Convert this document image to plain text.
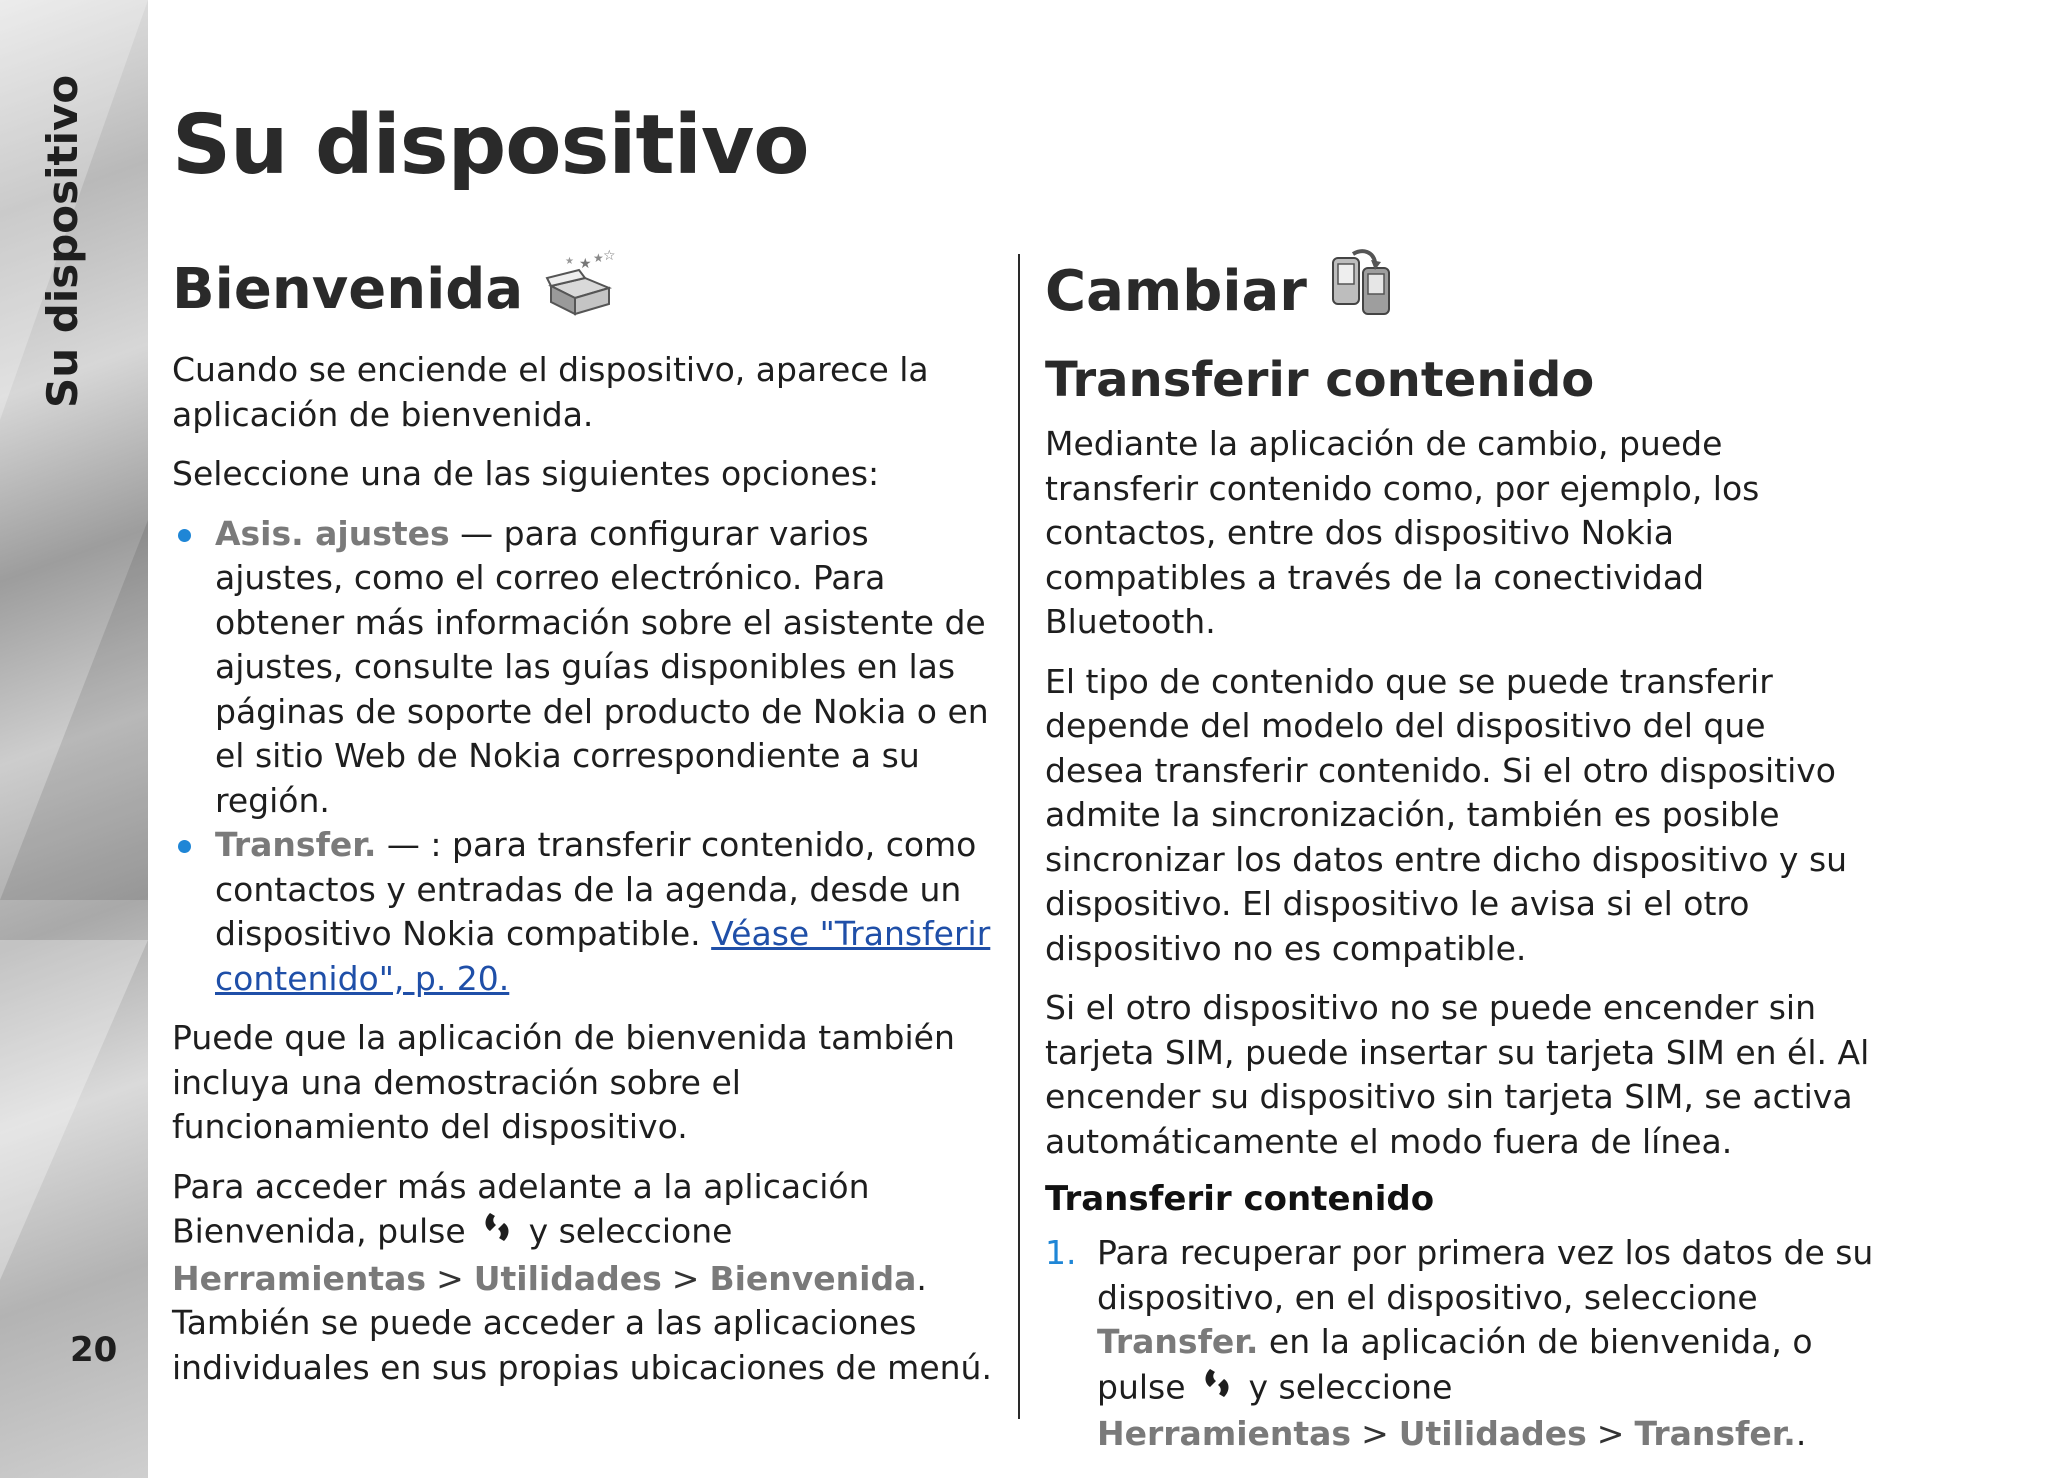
Su dispositivo
20
Su dispositivo
Bienvenida	★ ★ ☆
★

Cuando se enciende el dispositivo, aparece la aplicación de bienvenida.

Seleccione una de las siguientes opciones:

Asis. ajustes — para configurar varios ajustes, como el correo electrónico. Para obtener más información sobre el asistente de ajustes, consulte las guías disponibles en las páginas de soporte del producto de Nokia o en el sitio Web de Nokia correspondiente a su región.
Transfer. — : para transferir contenido, como contactos y entradas de la agenda, desde un dispositivo Nokia compatible. Véase "Transferir contenido", p. 20.

Puede que la aplicación de bienvenida también incluya una demostración sobre el funcionamiento del dispositivo.

Para acceder más adelante a la aplicación Bienvenida, pulse  y seleccione Herramientas > Utilidades > Bienvenida. También se puede acceder a las aplicaciones individuales en sus propias ubicaciones de menú.

Cambiar
Transferir contenido

Mediante la aplicación de cambio, puede transferir contenido como, por ejemplo, los contactos, entre dos dispositivo Nokia compatibles a través de la conectividad Bluetooth.

El tipo de contenido que se puede transferir depende del modelo del dispositivo del que desea transferir contenido. Si el otro dispositivo admite la sincronización, también es posible sincronizar los datos entre dicho dispositivo y su dispositivo. El dispositivo le avisa si el otro dispositivo no es compatible.

Si el otro dispositivo no se puede encender sin tarjeta SIM, puede insertar su tarjeta SIM en él. Al encender su dispositivo sin tarjeta SIM, se activa automáticamente el modo fuera de línea.

Transferir contenido
1. Para recuperar por primera vez los datos de su dispositivo, en el dispositivo, seleccione Transfer. en la aplicación de bienvenida, o pulse  y seleccione Herramientas > Utilidades > Transfer..
